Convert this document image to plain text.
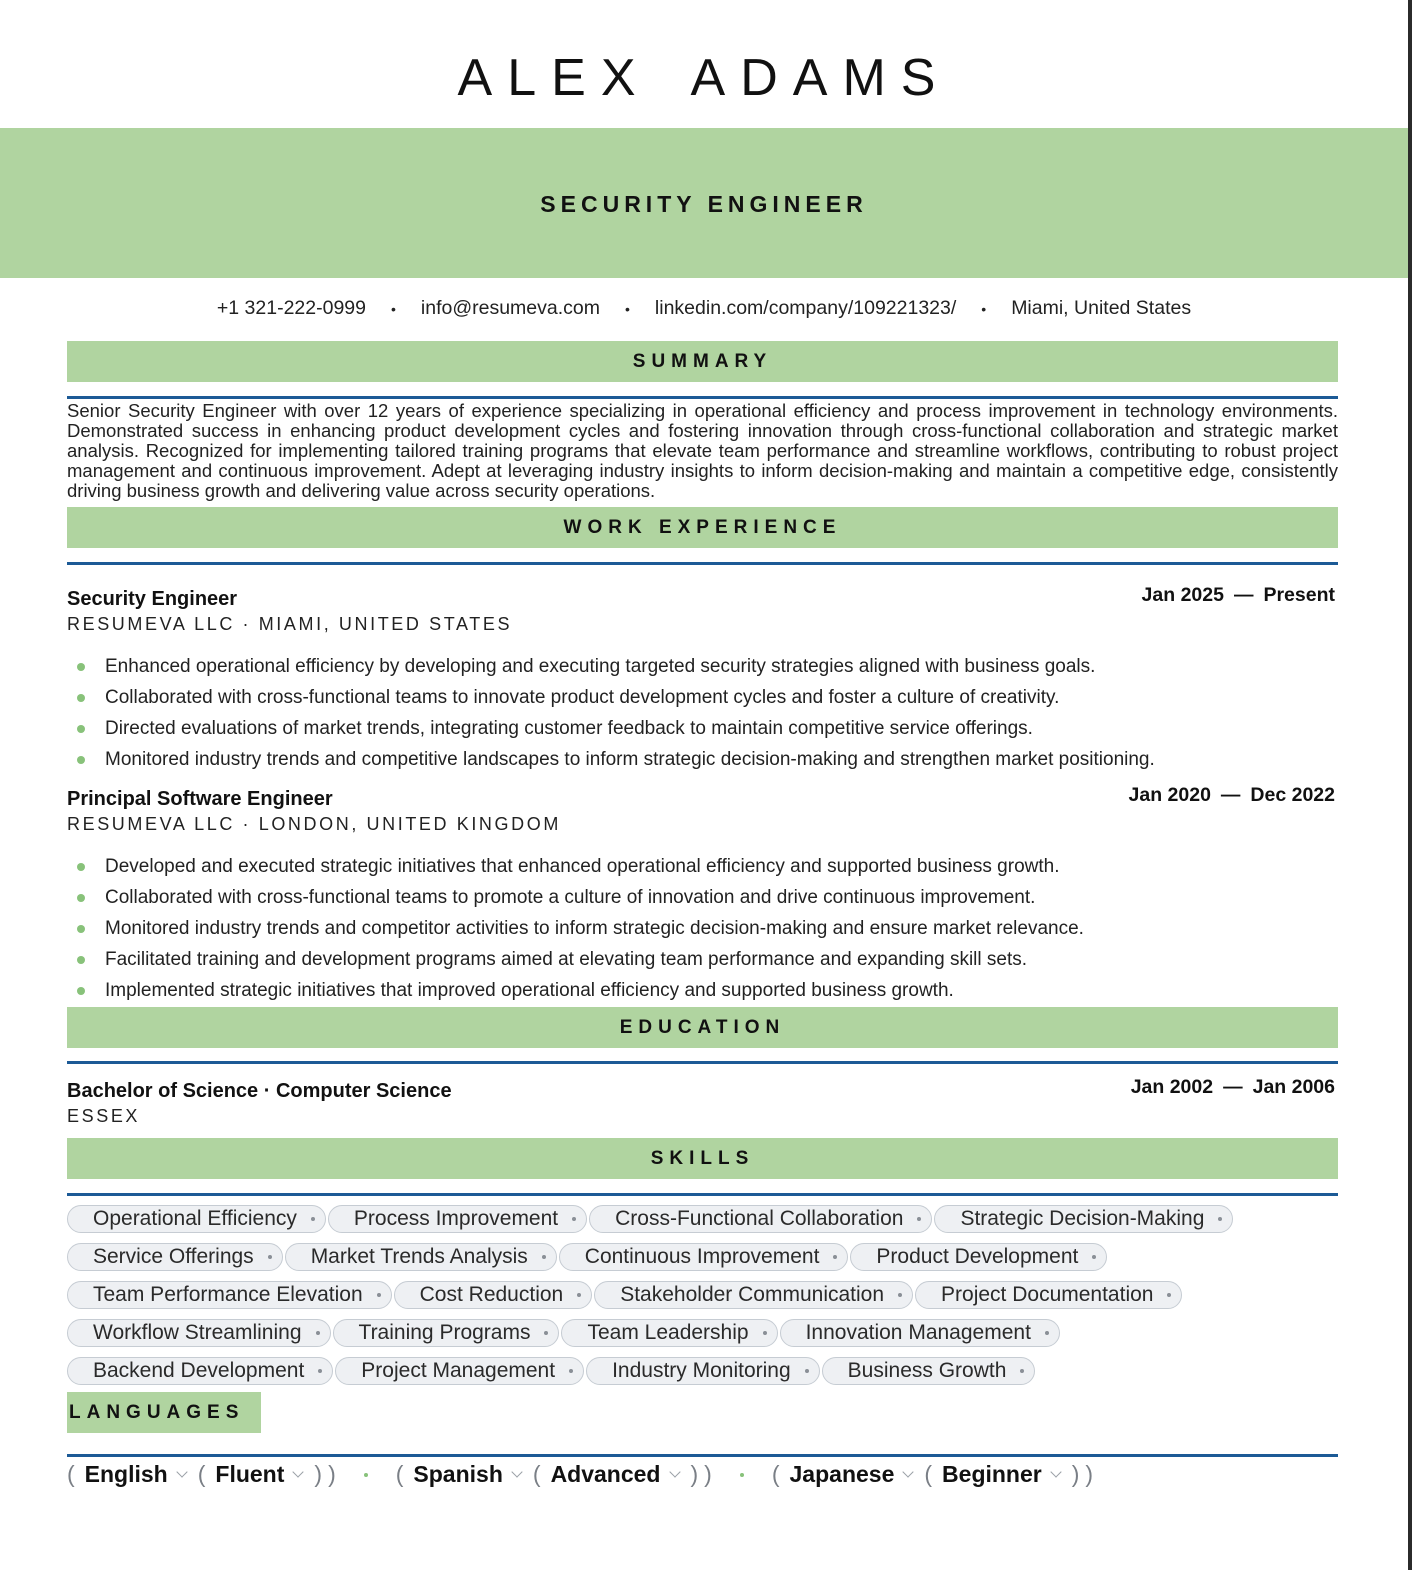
ALEX ADAMS
SECURITY ENGINEER
+1 321-222-0999 • info@resumeva.com • linkedin.com/company/109221323/ • Miami, United States
SUMMARY

Senior Security Engineer with over 12 years of experience specializing in operational efficiency and process improvement in technology environments. Demonstrated success in enhancing product development cycles and fostering innovation through cross-functional collaboration and strategic market analysis. Recognized for implementing tailored training programs that elevate team performance and streamline workflows, contributing to robust project management and continuous improvement. Adept at leveraging industry insights to inform decision-making and maintain a competitive edge, consistently driving business growth and delivering value across security operations.

WORK EXPERIENCE
Security Engineer	Jan 2025 — Present
RESUMEVA LLC · MIAMI, UNITED STATES
Enhanced operational efficiency by developing and executing targeted security strategies aligned with business goals.
Collaborated with cross-functional teams to innovate product development cycles and foster a culture of creativity.
Directed evaluations of market trends, integrating customer feedback to maintain competitive service offerings.
Monitored industry trends and competitive landscapes to inform strategic decision-making and strengthen market positioning.
Principal Software Engineer	Jan 2020 — Dec 2022
RESUMEVA LLC · LONDON, UNITED KINGDOM
Developed and executed strategic initiatives that enhanced operational efficiency and supported business growth.
Collaborated with cross-functional teams to promote a culture of innovation and drive continuous improvement.
Monitored industry trends and competitor activities to inform strategic decision-making and ensure market relevance.
Facilitated training and development programs aimed at elevating team performance and expanding skill sets.
Implemented strategic initiatives that improved operational efficiency and supported business growth.
EDUCATION
Bachelor of Science · Computer Science	Jan 2002 — Jan 2006
ESSEX
SKILLS
Operational Efficiency	Process Improvement	Cross-Functional Collaboration	Strategic Decision-Making
Service Offerings	Market Trends Analysis	Continuous Improvement	Product Development
Team Performance Elevation	Cost Reduction	Stakeholder Communication	Project Documentation
Workflow Streamlining	Training Programs	Team Leadership	Innovation Management
Backend Development	Project Management	Industry Monitoring	Business Growth
LANGUAGES
( English ( Fluent ) )	( Spanish ( Advanced ) )	( Japanese ( Beginner ) )
